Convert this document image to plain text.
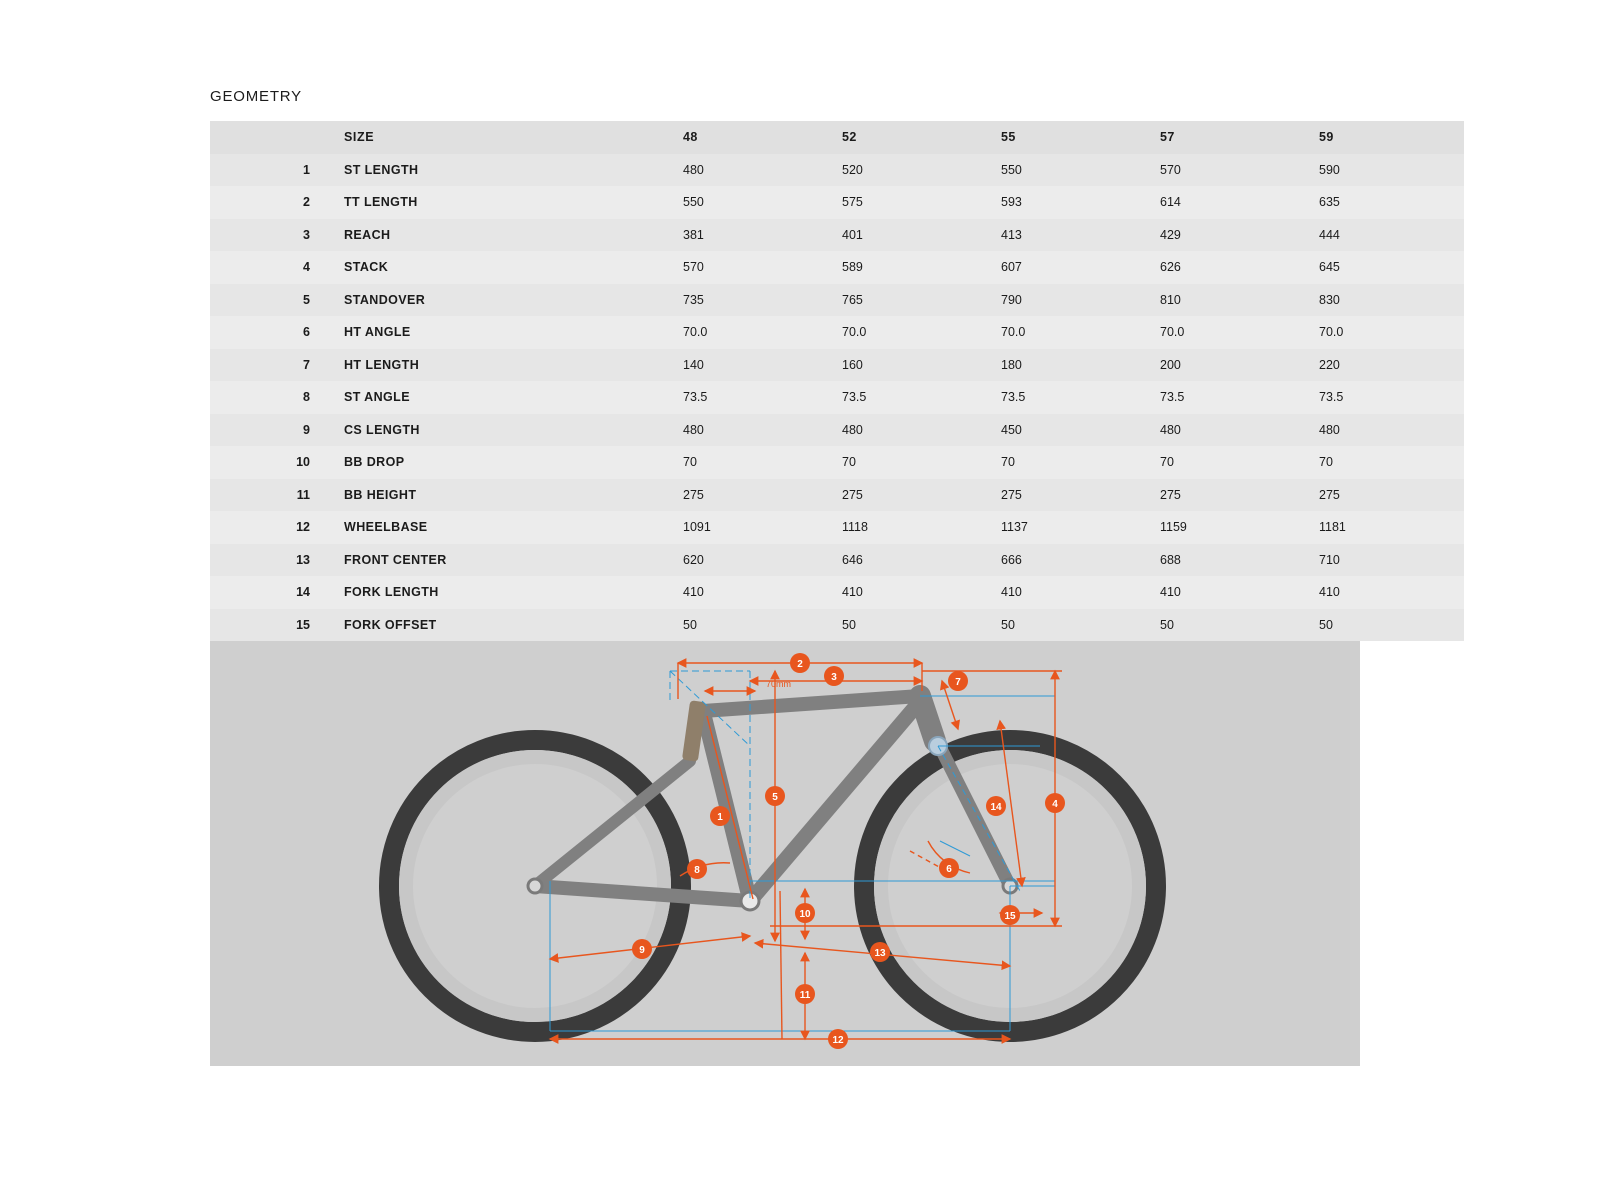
GEOMETRY
	SIZE	48	52	55	57	59
1	ST LENGTH	480	520	550	570	590
2	TT LENGTH	550	575	593	614	635
3	REACH	381	401	413	429	444
4	STACK	570	589	607	626	645
5	STANDOVER	735	765	790	810	830
6	HT ANGLE	70.0	70.0	70.0	70.0	70.0
7	HT LENGTH	140	160	180	200	220
8	ST ANGLE	73.5	73.5	73.5	73.5	73.5
9	CS LENGTH	480	480	450	480	480
10	BB DROP	70	70	70	70	70
11	BB HEIGHT	275	275	275	275	275
12	WHEELBASE	1091	1118	1137	1159	1181
13	FRONT CENTER	620	646	666	688	710
14	FORK LENGTH	410	410	410	410	410
15	FORK OFFSET	50	50	50	50	50
70mm
2
3	7
5
1
4
14
8	6
10	15
9	13
11
12
